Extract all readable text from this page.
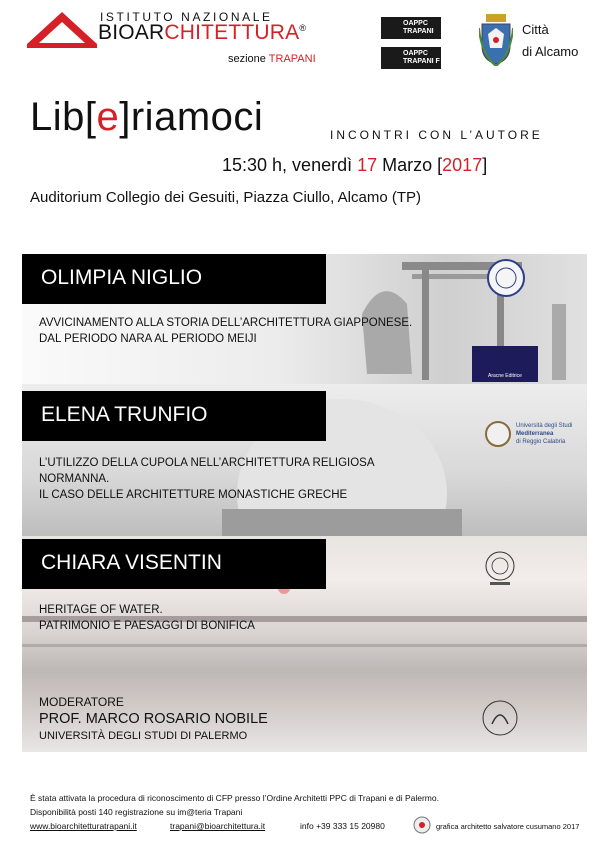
ISTITUTO NAZIONALE
BIOARCHITETTURA®
sezione TRAPANI
OAPPC
TRAPANI
OAPPC
TRAPANI F
Città
di Alcamo
Lib[e]riamoci	INCONTRI CON L’AUTORE
15:30 h, venerdì 17 Marzo [2017]
Auditorium Collegio dei Gesuiti, Piazza Ciullo, Alcamo (TP)
OLIMPIA NIGLIO
AVVICINAMENTO ALLA STORIA DELL’ARCHITETTURA GIAPPONESE.
DAL PERIODO NARA AL PERIODO MEIJI
Aracne Editrice
ELENA TRUNFIO
L’UTILIZZO DELLA CUPOLA NELL’ARCHITETTURA RELIGIOSA
NORMANNA.
IL CASO DELLE ARCHITETTURE MONASTICHE GRECHE
Università degli Studi
Mediterranea
di Reggio Calabria
CHIARA VISENTIN
HERITAGE OF WATER.
PATRIMONIO E PAESAGGI DI BONIFICA
MODERATORE
PROF. MARCO ROSARIO NOBILE
UNIVERSITÀ DEGLI STUDI DI PALERMO
È stata attivata la procedura di riconoscimento di CFP presso l’Ordine Architetti PPC di Trapani e di Palermo.
Disponibilità posti 140 registrazione su im@teria Trapani
www.bioarchitetturatrapani.it	trapani@bioarchitettura.it	info +39 333 15 20980	grafica architetto salvatore cusumano 2017
